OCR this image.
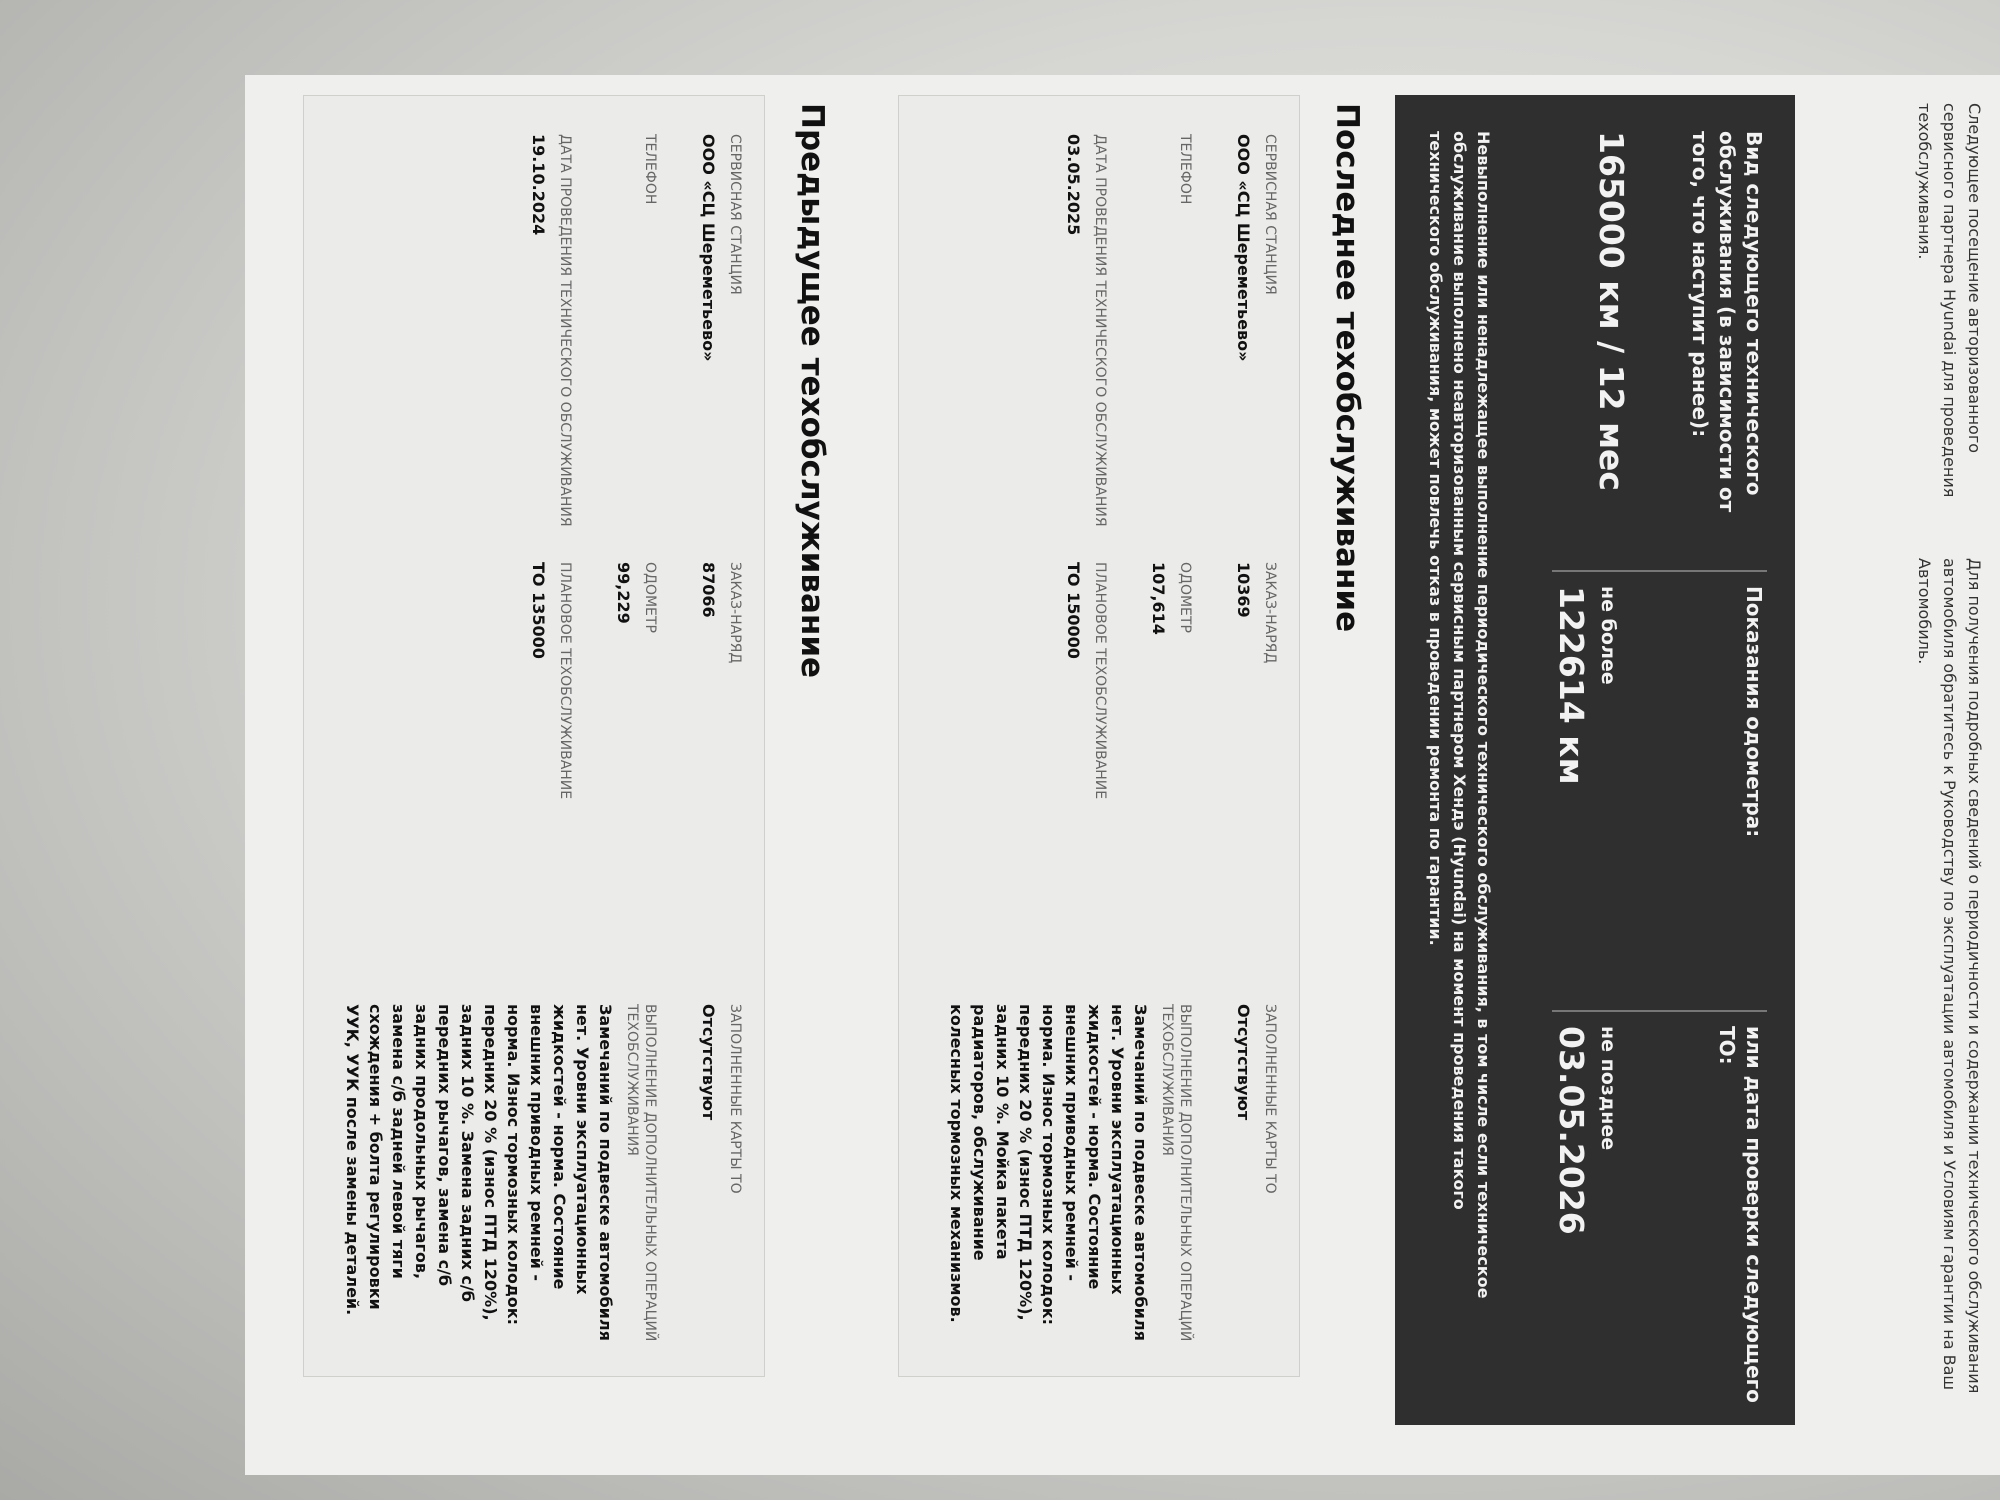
Следующее посещение авторизованного сервисного партнера Hyundai для проведения техобслуживания.
Для получения подробных сведений о периодичности и содержании технического обслуживания автомобиля обратитесь к Руководству по эксплуатации автомобиля и Условиям гарантии на Ваш Автомобиль.
Вид следующего технического обслуживания (в зависимости от того, что наступит ранее):
165000 км / 12 мес
Показания одометра:
не более
122614 км
или дата проверки следующего ТО:
не позднее
03.05.2026
Невыполнение или ненадлежащее выполнение периодического технического обслуживания, в том числе если техническое обслуживание выполнено неавторизованным сервисным партнером Хендэ (Hyundai) на момент проведения такого технического обслуживания, может повлечь отказ в проведении ремонта по гарантии.
Последнее техобслуживание
СЕРВИСНАЯ СТАНЦИЯ
ООО «СЦ Шереметьево»
ЗАКАЗ-НАРЯД
10369
ЗАПОЛНЕННЫЕ КАРТЫ ТО
Отсутствуют
ТЕЛЕФОН
ОДОМЕТР
107,614
ВЫПОЛНЕНИЕ ДОПОЛНИТЕЛЬНЫХ ОПЕРАЦИЙ ТЕХОБСЛУЖИВАНИЯ
Замечаний по подвеске автомобиля нет. Уровни эксплуатационных жидкостей - норма. Состояние внешних приводных ремней - норма. Износ тормозных колодок: передних 20 % (износ ПТД 120%), задних 10 %. Мойка пакета радиаторов, обслуживание колесных тормозных механизмов.
ДАТА ПРОВЕДЕНИЯ ТЕХНИЧЕСКОГО ОБСЛУЖИВАНИЯ
03.05.2025
ПЛАНОВОЕ ТЕХОБСЛУЖИВАНИЕ
ТО 150000
Предыдущее техобслуживание
СЕРВИСНАЯ СТАНЦИЯ
ООО «СЦ Шереметьево»
ЗАКАЗ-НАРЯД
87066
ЗАПОЛНЕННЫЕ КАРТЫ ТО
Отсутствуют
ТЕЛЕФОН
ОДОМЕТР
99,229
ВЫПОЛНЕНИЕ ДОПОЛНИТЕЛЬНЫХ ОПЕРАЦИЙ ТЕХОБСЛУЖИВАНИЯ
Замечаний по подвеске автомобиля нет. Уровни эксплуатационных жидкостей - норма. Состояние внешних приводных ремней - норма. Износ тормозных колодок: передних 20 % (износ ПТД 120%), задних 10 %. Замена задних с/б передних рычагов, замена с/б задних продольных рычагов, замена с/б задней левой тяги схождения + болта регулировки УУК, УУК после замены деталей.
ДАТА ПРОВЕДЕНИЯ ТЕХНИЧЕСКОГО ОБСЛУЖИВАНИЯ
19.10.2024
ПЛАНОВОЕ ТЕХОБСЛУЖИВАНИЕ
ТО 135000
